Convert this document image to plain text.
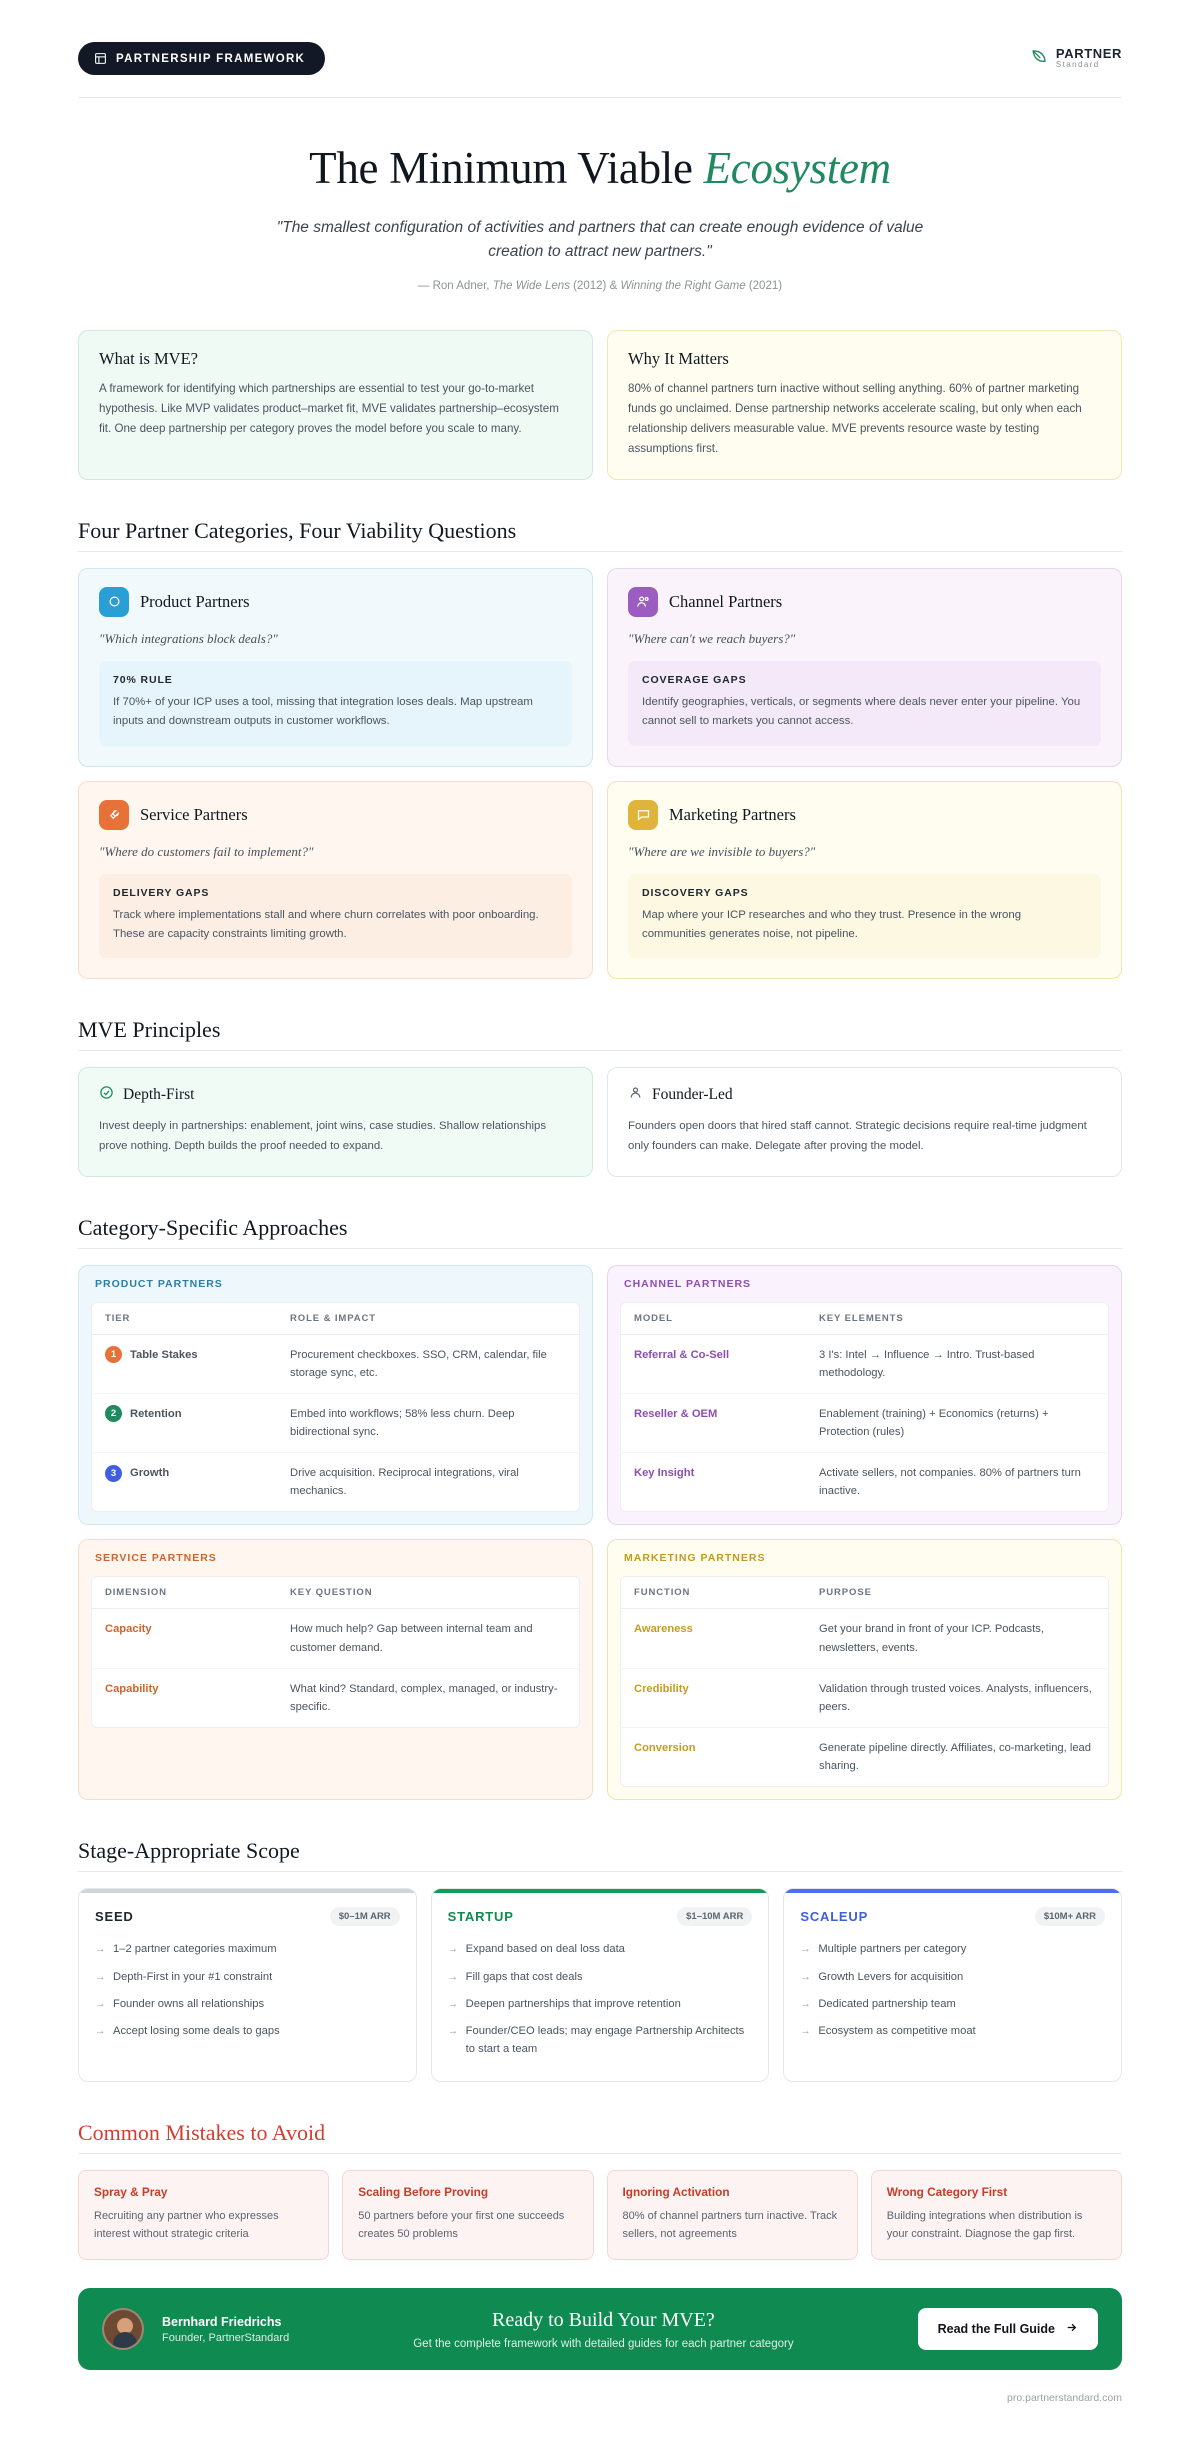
PARTNERSHIP FRAMEWORK	PARTNER
Standard
The Minimum Viable Ecosystem
"The smallest configuration of activities and partners that can create enough evidence of value creation to attract new partners."
— Ron Adner, The Wide Lens (2012) & Winning the Right Game (2021)
What is MVE?

A framework for identifying which partnerships are essential to test your go-to-market hypothesis. Like MVP validates product–market fit, MVE validates partnership–ecosystem fit. One deep partnership per category proves the model before you scale to many.

Why It Matters

80% of channel partners turn inactive without selling anything. 60% of partner marketing funds go unclaimed. Dense partnership networks accelerate scaling, but only when each relationship delivers measurable value. MVE prevents resource waste by testing assumptions first.

Four Partner Categories, Four Viability Questions
Product Partners
"Which integrations block deals?"
70% RULE

If 70%+ of your ICP uses a tool, missing that integration loses deals. Map upstream inputs and downstream outputs in customer workflows.

Channel Partners
"Where can't we reach buyers?"
COVERAGE GAPS

Identify geographies, verticals, or segments where deals never enter your pipeline. You cannot sell to markets you cannot access.

Service Partners
"Where do customers fail to implement?"
DELIVERY GAPS

Track where implementations stall and where churn correlates with poor onboarding. These are capacity constraints limiting growth.

Marketing Partners
"Where are we invisible to buyers?"
DISCOVERY GAPS

Map where your ICP researches and who they trust. Presence in the wrong communities generates noise, not pipeline.

MVE Principles
Depth-First

Invest deeply in partnerships: enablement, joint wins, case studies. Shallow relationships prove nothing. Depth builds the proof needed to expand.

Founder-Led

Founders open doors that hired staff cannot. Strategic decisions require real-time judgment only founders can make. Delegate after proving the model.

Category-Specific Approaches
PRODUCT PARTNERS
TIER	ROLE & IMPACT

1 Table Stakes	Procurement checkboxes. SSO, CRM, calendar, file storage sync, etc.

2 Retention	Embed into workflows; 58% less churn. Deep bidirectional sync.

3 Growth	Drive acquisition. Reciprocal integrations, viral mechanics.
CHANNEL PARTNERS
MODEL	KEY ELEMENTS
Referral & Co-Sell	3 I's: Intel → Influence → Intro. Trust-based methodology.
Reseller & OEM	Enablement (training) + Economics (returns) + Protection (rules)
Key Insight	Activate sellers, not companies. 80% of partners turn inactive.
SERVICE PARTNERS
DIMENSION	KEY QUESTION
Capacity	How much help? Gap between internal team and customer demand.
Capability	What kind? Standard, complex, managed, or industry-specific.
MARKETING PARTNERS
FUNCTION	PURPOSE
Awareness	Get your brand in front of your ICP. Podcasts, newsletters, events.
Credibility	Validation through trusted voices. Analysts, influencers, peers.
Conversion	Generate pipeline directly. Affiliates, co-marketing, lead sharing.
Stage-Appropriate Scope
SEED	$0–1M ARR
→ 1–2 partner categories maximum
→ Depth-First in your #1 constraint
→ Founder owns all relationships
→ Accept losing some deals to gaps
STARTUP	$1–10M ARR
→ Expand based on deal loss data
→ Fill gaps that cost deals
→ Deepen partnerships that improve retention
→ Founder/CEO leads; may engage Partnership Architects to start a team
SCALEUP	$10M+ ARR
→ Multiple partners per category
→ Growth Levers for acquisition
→ Dedicated partnership team
→ Ecosystem as competitive moat
Common Mistakes to Avoid
Spray & Pray

Recruiting any partner who expresses interest without strategic criteria

Scaling Before Proving

50 partners before your first one succeeds creates 50 problems

Ignoring Activation

80% of channel partners turn inactive. Track sellers, not agreements

Wrong Category First

Building integrations when distribution is your constraint. Diagnose the gap first.

Bernhard Friedrichs
Founder, PartnerStandard
Ready to Build Your MVE?
Get the complete framework with detailed guides for each partner category
Read the Full Guide
pro.partnerstandard.com
